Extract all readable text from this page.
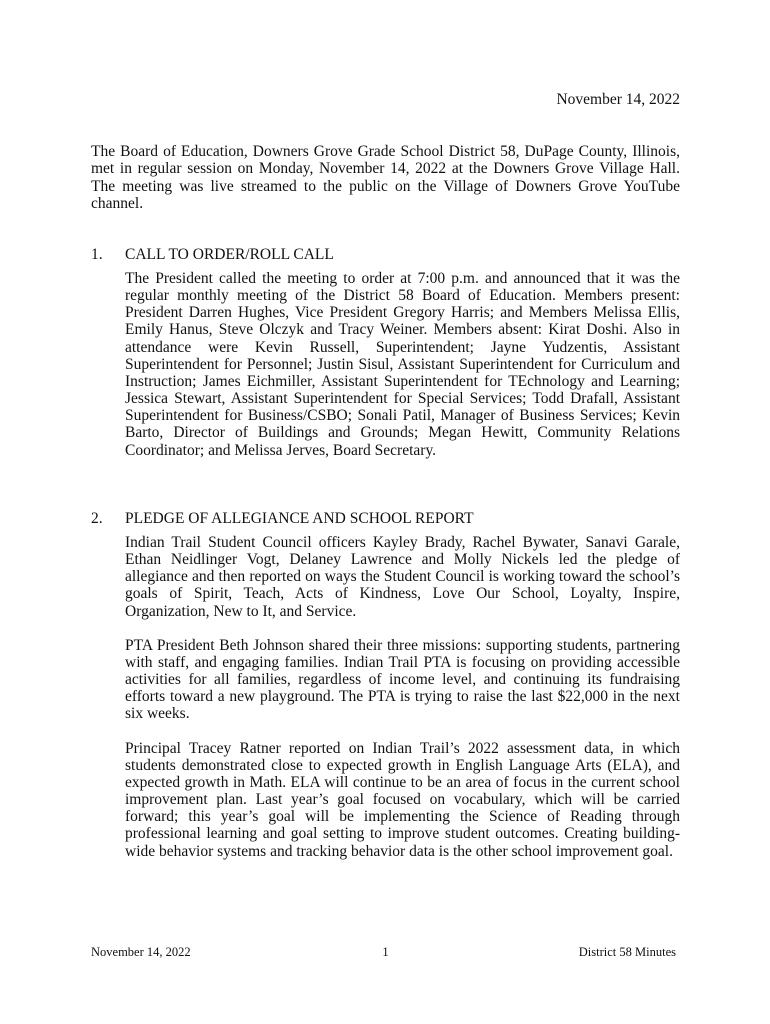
November 14, 2022

The Board of Education, Downers Grove Grade School District 58, DuPage County, Illinois, met in regular session on Monday, November 14, 2022 at the Downers Grove Village Hall. The meeting was live streamed to the public on the Village of Downers Grove YouTube channel.

1.	CALL TO ORDER/ROLL CALL

The President called the meeting to order at 7:00 p.m. and announced that it was the regular monthly meeting of the District 58 Board of Education. Members present: President Darren Hughes, Vice President Gregory Harris; and Members Melissa Ellis, Emily Hanus, Steve Olczyk and Tracy Weiner. Members absent: Kirat Doshi. Also in attendance were Kevin Russell, Superintendent; Jayne Yudzentis, Assistant Superintendent for Personnel; Justin Sisul, Assistant Superintendent for Curriculum and Instruction; James Eichmiller, Assistant Superintendent for TEchnology and Learning; Jessica Stewart, Assistant Superintendent for Special Services; Todd Drafall, Assistant Superintendent for Business/CSBO; Sonali Patil, Manager of Business Services; Kevin Barto, Director of Buildings and Grounds; Megan Hewitt, Community Relations Coordinator; and Melissa Jerves, Board Secretary.

2.	PLEDGE OF ALLEGIANCE AND SCHOOL REPORT

Indian Trail Student Council officers Kayley Brady, Rachel Bywater, Sanavi Garale, Ethan Neidlinger Vogt, Delaney Lawrence and Molly Nickels led the pledge of allegiance and then reported on ways the Student Council is working toward the school’s goals of Spirit, Teach, Acts of Kindness, Love Our School, Loyalty, Inspire, Organization, New to It, and Service.

PTA President Beth Johnson shared their three missions: supporting students, partnering with staff, and engaging families. Indian Trail PTA is focusing on providing accessible activities for all families, regardless of income level, and continuing its fundraising efforts toward a new playground. The PTA is trying to raise the last $22,000 in the next six weeks.

Principal Tracey Ratner reported on Indian Trail’s 2022 assessment data, in which students demonstrated close to expected growth in English Language Arts (ELA), and expected growth in Math. ELA will continue to be an area of focus in the current school improvement plan. Last year’s goal focused on vocabulary, which will be carried forward; this year’s goal will be implementing the Science of Reading through professional learning and goal setting to improve student outcomes. Creating building-wide behavior systems and tracking behavior data is the other school improvement goal.

November 14, 2022	1	District 58 Minutes
